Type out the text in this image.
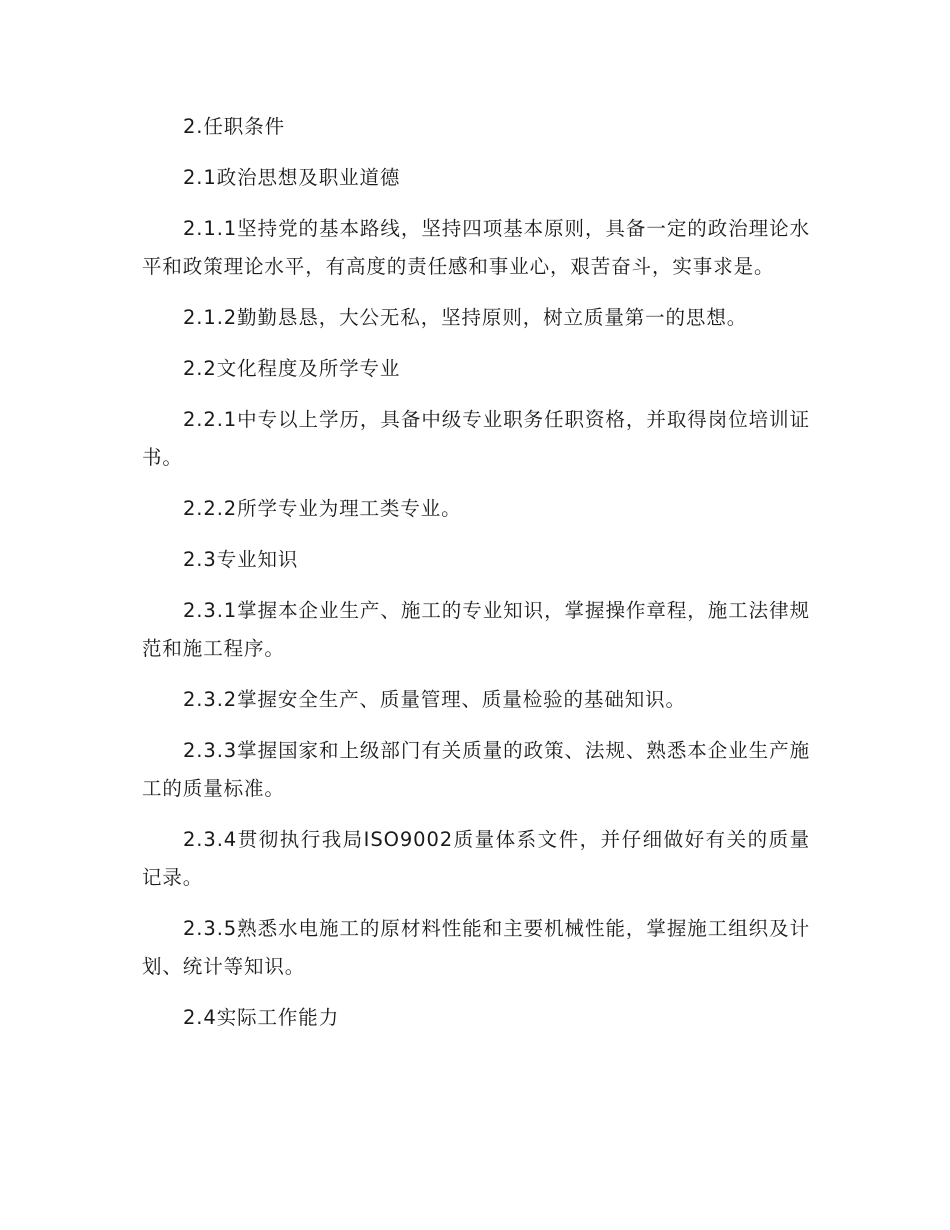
2.任职条件

2.1政治思想及职业道德

2.1.1坚持党的基本路线，坚持四项基本原则，具备一定的政治理论水平和政策理论水平，有高度的责任感和事业心，艰苦奋斗，实事求是。

2.1.2勤勤恳恳，大公无私，坚持原则，树立质量第一的思想。

2.2文化程度及所学专业

2.2.1中专以上学历，具备中级专业职务任职资格，并取得岗位培训证书。

2.2.2所学专业为理工类专业。

2.3专业知识

2.3.1掌握本企业生产、施工的专业知识，掌握操作章程，施工法律规范和施工程序。

2.3.2掌握安全生产、质量管理、质量检验的基础知识。

2.3.3掌握国家和上级部门有关质量的政策、法规、熟悉本企业生产施工的质量标准。

2.3.4贯彻执行我局ISO9002质量体系文件，并仔细做好有关的质量记录。

2.3.5熟悉水电施工的原材料性能和主要机械性能，掌握施工组织及计划、统计等知识。

2.4实际工作能力
